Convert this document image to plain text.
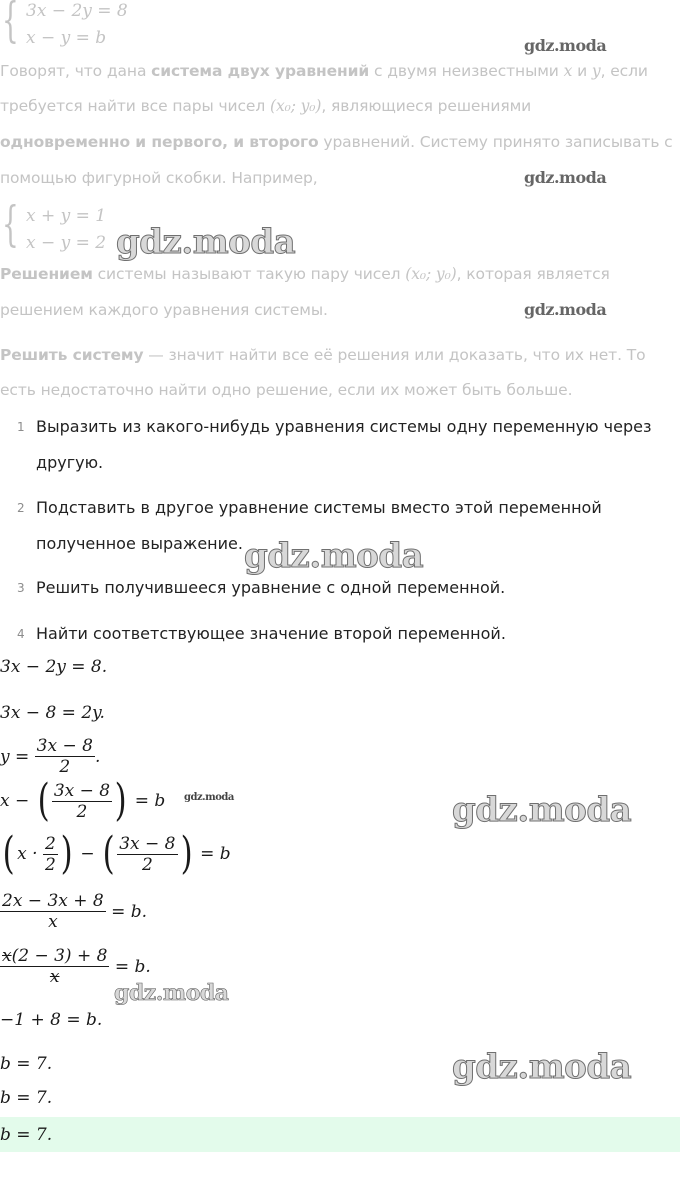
{ 3x − 2y = 8
x − y = b	gdz.moda
Говорят, что дана система двух уравнений с двумя неизвестными x и y, если
требуется найти все пары чисел (x₀; y₀), являющиеся решениями
одновременно и первого, и второго уравнений. Систему принято записывать с
помощью фигурной скобки. Например,	gdz.moda
{ x + y = 1
x − y = 2 gdz.moda
Решением системы называют такую пару чисел (x₀; y₀), которая является
решением каждого уравнения системы.	gdz.moda
Решить систему — значит найти все её решения или доказать, что их нет. То
есть недостаточно найти одно решение, если их может быть больше.
1 Выразить из какого-нибудь уравнения системы одну переменную через
другую.
2 Подставить в другое уравнение системы вместо этой переменной
полученное выражение.
3 Решить получившееся уравнение с одной переменной.
4 Найти соответствующее значение второй переменной.
gdz.moda
3x − 2y = 8.
3x − 8 = 2y.
y =
$\frac{3x - 8}{2}$ .
x −
( $\frac{3x - 8}{2}$ )
= b gdz.moda	gdz.moda
( x ·
$\frac{2}{2}$ )
−
( $\frac{3x - 8}{2}$ )
= b
$\frac{2x - 3x + 8}{x}$
= b.
$\frac{x(2 - 3) + 8}{x}$
= b.
gdz.moda
−1 + 8 = b.
b = 7.	gdz.moda
b = 7.
b = 7.
